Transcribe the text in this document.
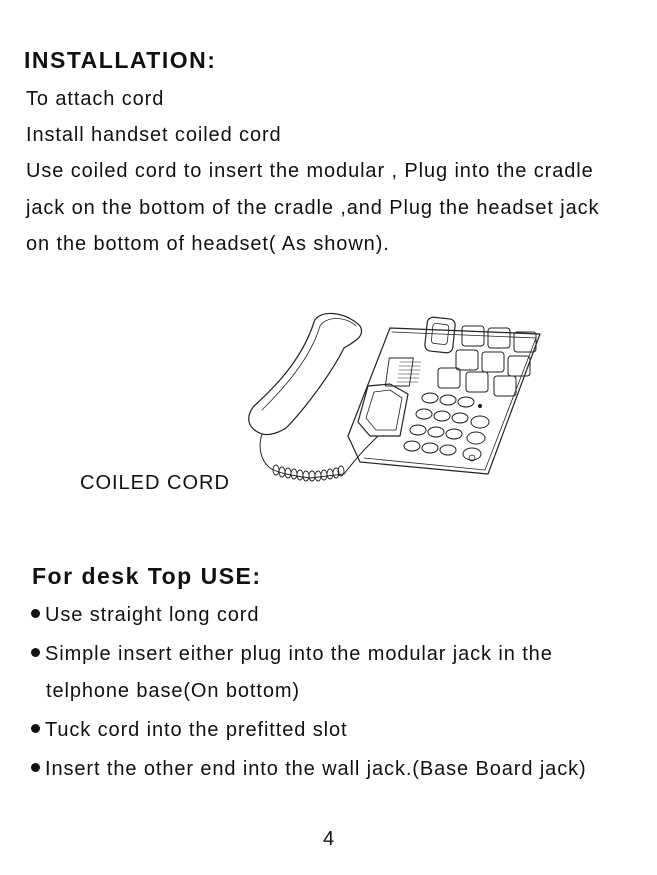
INSTALLATION:
To attach cord
Install handset coiled cord
Use coiled cord to insert the modular , Plug into the cradle
jack on the bottom of the cradle ,and Plug the headset jack
on the bottom of headset( As shown).
COILED CORD
For desk Top USE:
Use straight long cord
Simple insert either plug into the modular jack in the
telphone base(On bottom)
Tuck cord into the prefitted slot
Insert the other end into the wall jack.(Base Board jack)
4
